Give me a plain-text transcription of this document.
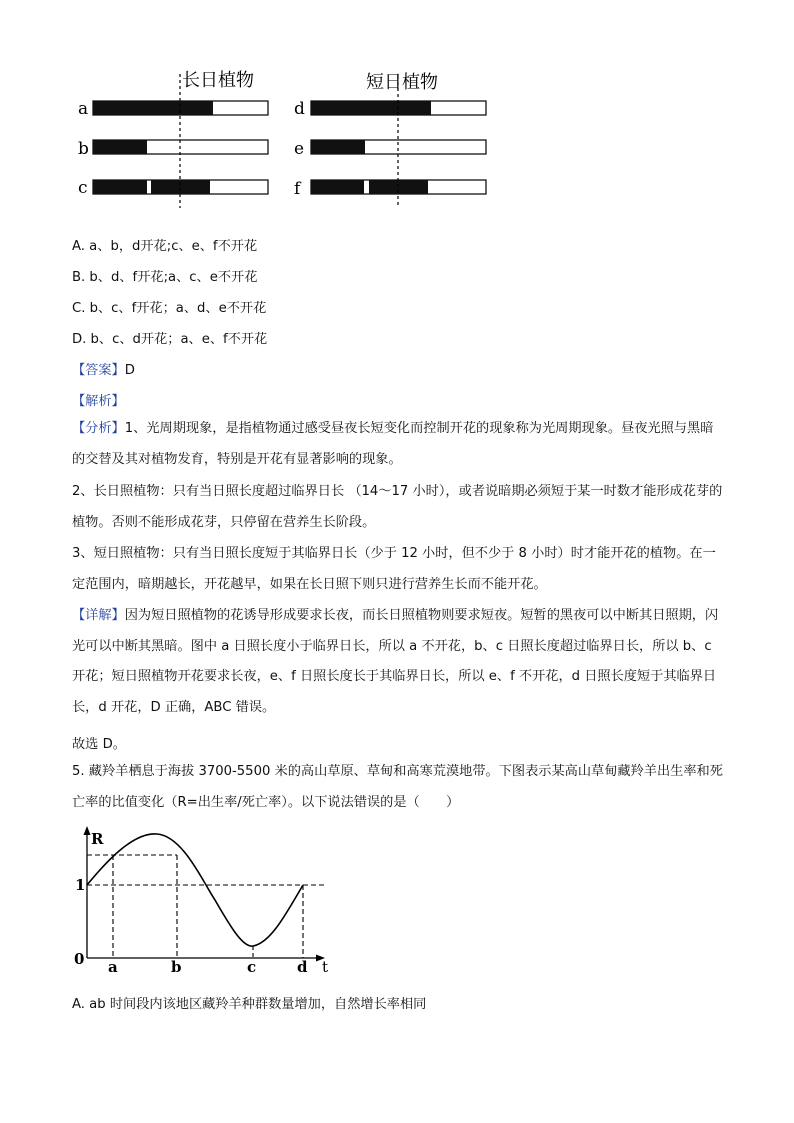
长日植物	短日植物
a
b
c
d
e
f
A. a、b，d开花;c、e、f不开花
B. b、d、f开花;a、c、e不开花
C. b、c、f开花；a、d、e不开花
D. b、c、d开花；a、e、f不开花
【答案】D
【解析】
【分析】1、光周期现象，是指植物通过感受昼夜长短变化而控制开花的现象称为光周期现象。昼夜光照与黑暗的交替及其对植物发育，特别是开花有显著影响的现象。
2、长日照植物：只有当日照长度超过临界日长 （14～17 小时），或者说暗期必须短于某一时数才能形成花芽的植物。否则不能形成花芽，只停留在营养生长阶段。
3、短日照植物：只有当日照长度短于其临界日长（少于 12 小时，但不少于 8 小时）时才能开花的植物。在一定范围内，暗期越长，开花越早，如果在长日照下则只进行营养生长而不能开花。
【详解】因为短日照植物的花诱导形成要求长夜，而长日照植物则要求短夜。短暂的黑夜可以中断其日照期，闪光可以中断其黑暗。图中 a 日照长度小于临界日长，所以 a 不开花，b、c 日照长度超过临界日长，所以 b、c 开花；短日照植物开花要求长夜，e、f 日照长度长于其临界日长，所以 e、f 不开花，d 日照长度短于其临界日长，d 开花，D 正确，ABC 错误。
故选 D。
5. 藏羚羊栖息于海拔 3700-5500 米的高山草原、草甸和高寒荒漠地带。下图表示某高山草甸藏羚羊出生率和死亡率的比值变化（R=出生率/死亡率）。以下说法错误的是（　　）
R
1
0	t
a	b	c	d
A. ab 时间段内该地区藏羚羊种群数量增加，自然增长率相同
